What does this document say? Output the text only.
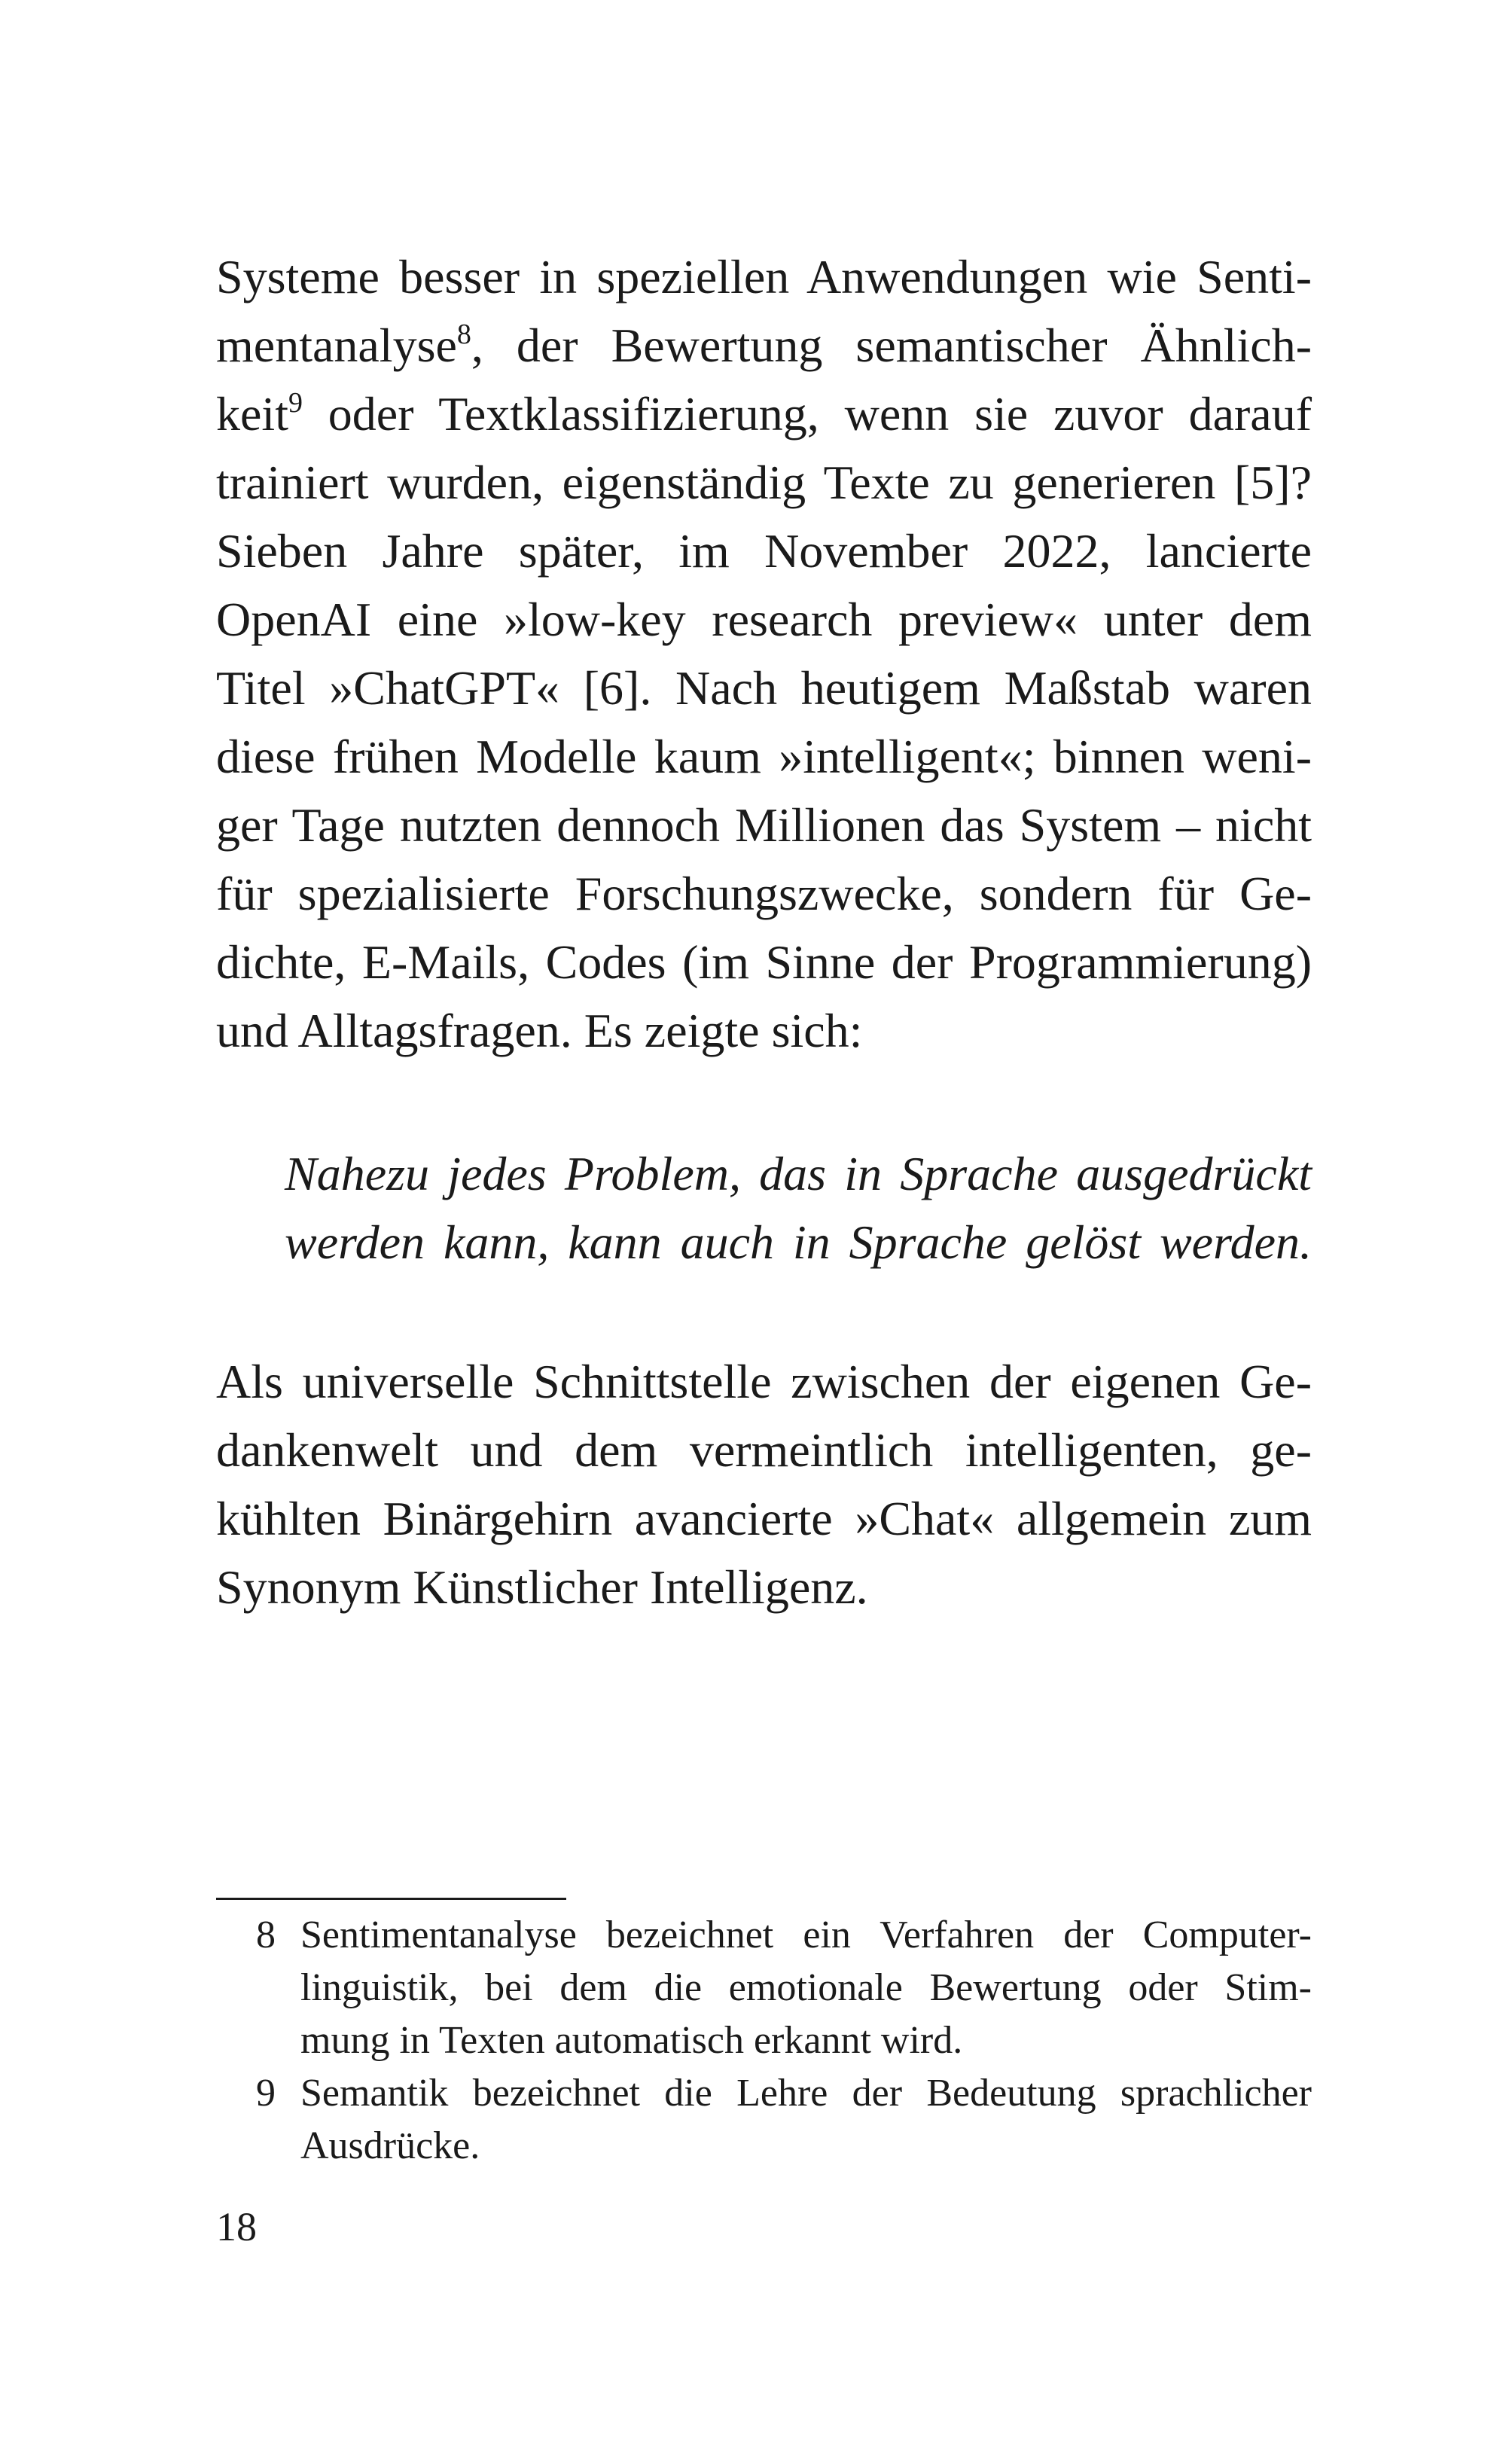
Systeme besser in speziellen Anwendungen wie Senti-
mentanalyse$^8$, der Bewertung semantischer Ähnlich-
keit$^9$ oder Textklassifizierung, wenn sie zuvor darauf
trainiert wurden, eigenständig Texte zu generieren [5]?
Sieben Jahre später, im November 2022, lancierte
OpenAI eine »low-key research preview« unter dem
Titel »ChatGPT« [6]. Nach heutigem Maßstab waren
diese frühen Modelle kaum »intelligent«; binnen weni-
ger Tage nutzten dennoch Millionen das System – nicht
für spezialisierte Forschungszwecke, sondern für Ge-
dichte, E-Mails, Codes (im Sinne der Programmierung)
und Alltagsfragen. Es zeigte sich:
Nahezu jedes Problem, das in Sprache ausgedrückt
werden kann, kann auch in Sprache gelöst werden.
Als universelle Schnittstelle zwischen der eigenen Ge-
dankenwelt und dem vermeintlich intelligenten, ge-
kühlten Binärgehirn avancierte »Chat« allgemein zum
Synonym Künstlicher Intelligenz.
8 Sentimentanalyse bezeichnet ein Verfahren der Computer-
linguistik, bei dem die emotionale Bewertung oder Stim-
mung in Texten automatisch erkannt wird.
9 Semantik bezeichnet die Lehre der Bedeutung sprachlicher
Ausdrücke.
18
